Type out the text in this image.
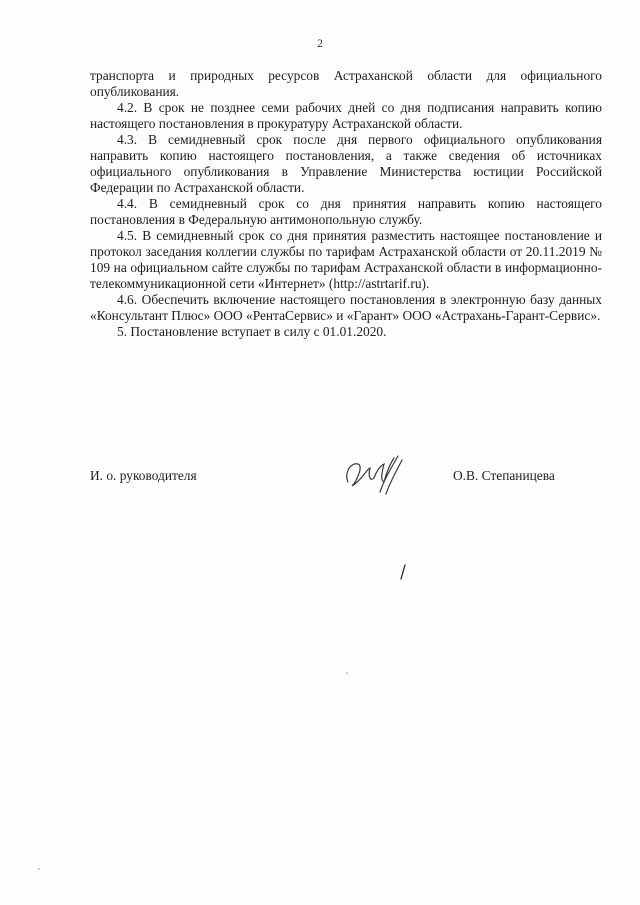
2

транспорта и природных ресурсов Астраханской области для официального опубликования.

4.2. В срок не позднее семи рабочих дней со дня подписания направить копию настоящего постановления в прокуратуру Астраханской области.

4.3. В семидневный срок после дня первого официального опубликования направить копию настоящего постановления, а также сведения об источниках официального опубликования в Управление Министерства юстиции Российской Федерации по Астраханской области.

4.4. В семидневный срок со дня принятия направить копию настоящего постановления в Федеральную антимонопольную службу.

4.5. В семидневный срок со дня принятия разместить настоящее постановление и протокол заседания коллегии службы по тарифам Астраханской области от 20.11.2019 № 109 на официальном сайте службы по тарифам Астраханской области в информационно-телекоммуникационной сети «Интернет» (http://astrtarif.ru).

4.6. Обеспечить включение настоящего постановления в электронную базу данных «Консультант Плюс» ООО «РентаСервис» и «Гарант» ООО «Астрахань-Гарант-Сервис».

5. Постановление вступает в силу с 01.01.2020.

И. о. руководителя	О.В. Степаницева
